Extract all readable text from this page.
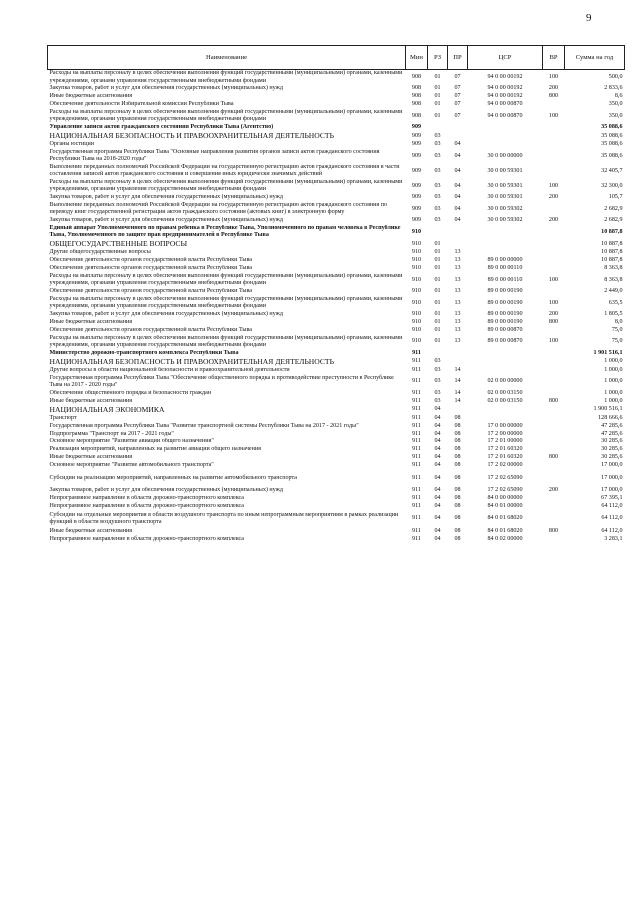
9
Наименование	Мин	РЗ	ПР	ЦСР	ВР	Сумма на год
Расходы на выплаты персоналу в целях обеспечения выполнения функций государственными (муниципальными) органами, казенными учреждениями, органами управления государственными внебюджетными фондами	908	01	07	94 0 00 00192	100	500,0
Закупка товаров, работ и услуг для обеспечения государственных (муниципальных) нужд	908	01	07	94 0 00 00192	200	2 833,6
Иные бюджетные ассигнования	908	01	07	94 0 00 00192	800	8,6
Обеспечение деятельности Избирательной комиссии Республики Тыва	908	01	07	94 0 00 00870		350,0
Расходы на выплаты персоналу в целях обеспечения выполнения функций государственными (муниципальными) органами, казенными учреждениями, органами управления государственными внебюджетными фондами	908	01	07	94 0 00 00870	100	350,0
Управление записи актов гражданского состояния Республики Тыва (Агентство)	909					35 088,6
НАЦИОНАЛЬНАЯ БЕЗОПАСНОСТЬ И ПРАВООХРАНИТЕЛЬНАЯ ДЕЯТЕЛЬНОСТЬ	909	03				35 088,6
Органы юстиции	909	03	04			35 088,6
Государственная программа Республики Тыва "Основные направления развития органов записи актов гражданского состояния Республики Тыва на 2018-2020 годы"	909	03	04	30 0 00 00000		35 088,6
Выполнение переданных полномочий Российской Федерации на государственную регистрацию актов гражданского состояния в части составления записей актов гражданского состояния и совершения иных юридически значимых действий	909	03	04	30 0 00 59301		32 405,7
Расходы на выплаты персоналу в целях обеспечения выполнения функций государственными (муниципальными) органами, казенными учреждениями, органами управления государственными внебюджетными фондами	909	03	04	30 0 00 59301	100	32 300,0
Закупка товаров, работ и услуг для обеспечения государственных (муниципальных) нужд	909	03	04	30 0 00 59301	200	105,7
Выполнение переданных полномочий Российской Федерации на государственную регистрацию актов гражданского состояния по переводу книг государственной регистрации актов гражданского состояния (актовых книг) в электронную форму	909	03	04	30 0 00 59302		2 682,9
Закупка товаров, работ и услуг для обеспечения государственных (муниципальных) нужд	909	03	04	30 0 00 59302	200	2 682,9
Единый аппарат Уполномоченного по правам ребенка в Республике Тыва, Уполномоченного по правам человека в Республике Тыва, Уполномоченного по защите прав предпринимателей в Республике Тыва	910					10 887,8
ОБЩЕГОСУДАРСТВЕННЫЕ ВОПРОСЫ	910	01				10 887,8
Другие общегосударственные вопросы	910	01	13			10 887,8
Обеспечение деятельности органов государственной власти Республики Тыва	910	01	13	89 0 00 00000		10 887,8
Обеспечение деятельности органов государственной власти Республики Тыва	910	01	13	89 0 00 00110		8 363,8
Расходы на выплаты персоналу в целях обеспечения выполнения функций государственными (муниципальными) органами, казенными учреждениями, органами управления государственными внебюджетными фондами	910	01	13	89 0 00 00110	100	8 363,8
Обеспечение деятельности органов государственной власти Республики Тыва	910	01	13	89 0 00 00190		2 449,0
Расходы на выплаты персоналу в целях обеспечения выполнения функций государственными (муниципальными) органами, казенными учреждениями, органами управления государственными внебюджетными фондами	910	01	13	89 0 00 00190	100	635,5
Закупка товаров, работ и услуг для обеспечения государственных (муниципальных) нужд	910	01	13	89 0 00 00190	200	1 805,5
Иные бюджетные ассигнования	910	01	13	89 0 00 00190	800	8,0
Обеспечение деятельности органов государственной власти Республики Тыва	910	01	13	89 0 00 00870		75,0
Расходы на выплаты персоналу в целях обеспечения выполнения функций государственными (муниципальными) органами, казенными учреждениями, органами управления государственными внебюджетными фондами	910	01	13	89 0 00 00870	100	75,0
Министерство дорожно-транспортного комплекса Республики Тыва	911					1 901 516,1
НАЦИОНАЛЬНАЯ БЕЗОПАСНОСТЬ И ПРАВООХРАНИТЕЛЬНАЯ ДЕЯТЕЛЬНОСТЬ	911	03				1 000,0
Другие вопросы в области национальной безопасности и правоохранительной деятельности	911	03	14			1 000,0
Государственная программа Республики Тыва "Обеспечение общественного порядка и противодействие преступности в Республике Тыва на 2017 - 2020 годы"	911	03	14	02 0 00 00000		1 000,0
Обеспечение общественного порядка и безопасности граждан	911	03	14	02 0 00 03150		1 000,0
Иные бюджетные ассигнования	911	03	14	02 0 00 03150	800	1 000,0
НАЦИОНАЛЬНАЯ ЭКОНОМИКА	911	04				1 900 516,1
Транспорт	911	04	08			128 666,6
Государственная программа Республики Тыва "Развитие транспортной системы Республики Тыва на 2017 - 2021 годы"	911	04	08	17 0 00 00000		47 285,6
Подпрограмма "Транспорт на 2017 - 2021 годы"	911	04	08	17 2 00 00000		47 285,6
Основное мероприятие "Развитие авиации общего назначения"	911	04	08	17 2 01 00000		30 285,6
Реализация мероприятий, направленных на развитие авиации общего назначения	911	04	08	17 2 01 60320		30 285,6
Иные бюджетные ассигнования	911	04	08	17 2 01 60320	800	30 285,6
Основное мероприятие "Развитие автомобильного транспорта"	911	04	08	17 2 02 00000		17 000,0
Субсидии на реализацию мероприятий, направленных на развитие автомобильного транспорта	911	04	08	17 2 02 65090		17 000,0
Закупка товаров, работ и услуг для обеспечения государственных (муниципальных) нужд	911	04	08	17 2 02 65090	200	17 000,0
Непрограммное направление в области дорожно-транспортного комплекса	911	04	08	84 0 00 00000		67 395,1
Непрограммное направление в области дорожно-транспортного комплекса	911	04	08	84 0 01 00000		64 112,0
Субсидии на отдельные мероприятия в области воздушного транспорта по иным непрограммным мероприятиям в рамках реализации функций в области воздушного транспорта	911	04	08	84 0 01 68020		64 112,0
Иные бюджетные ассигнования	911	04	08	84 0 01 68020	800	64 112,0
Непрограммное направление в области дорожно-транспортного комплекса	911	04	08	84 0 02 00000		3 283,1
